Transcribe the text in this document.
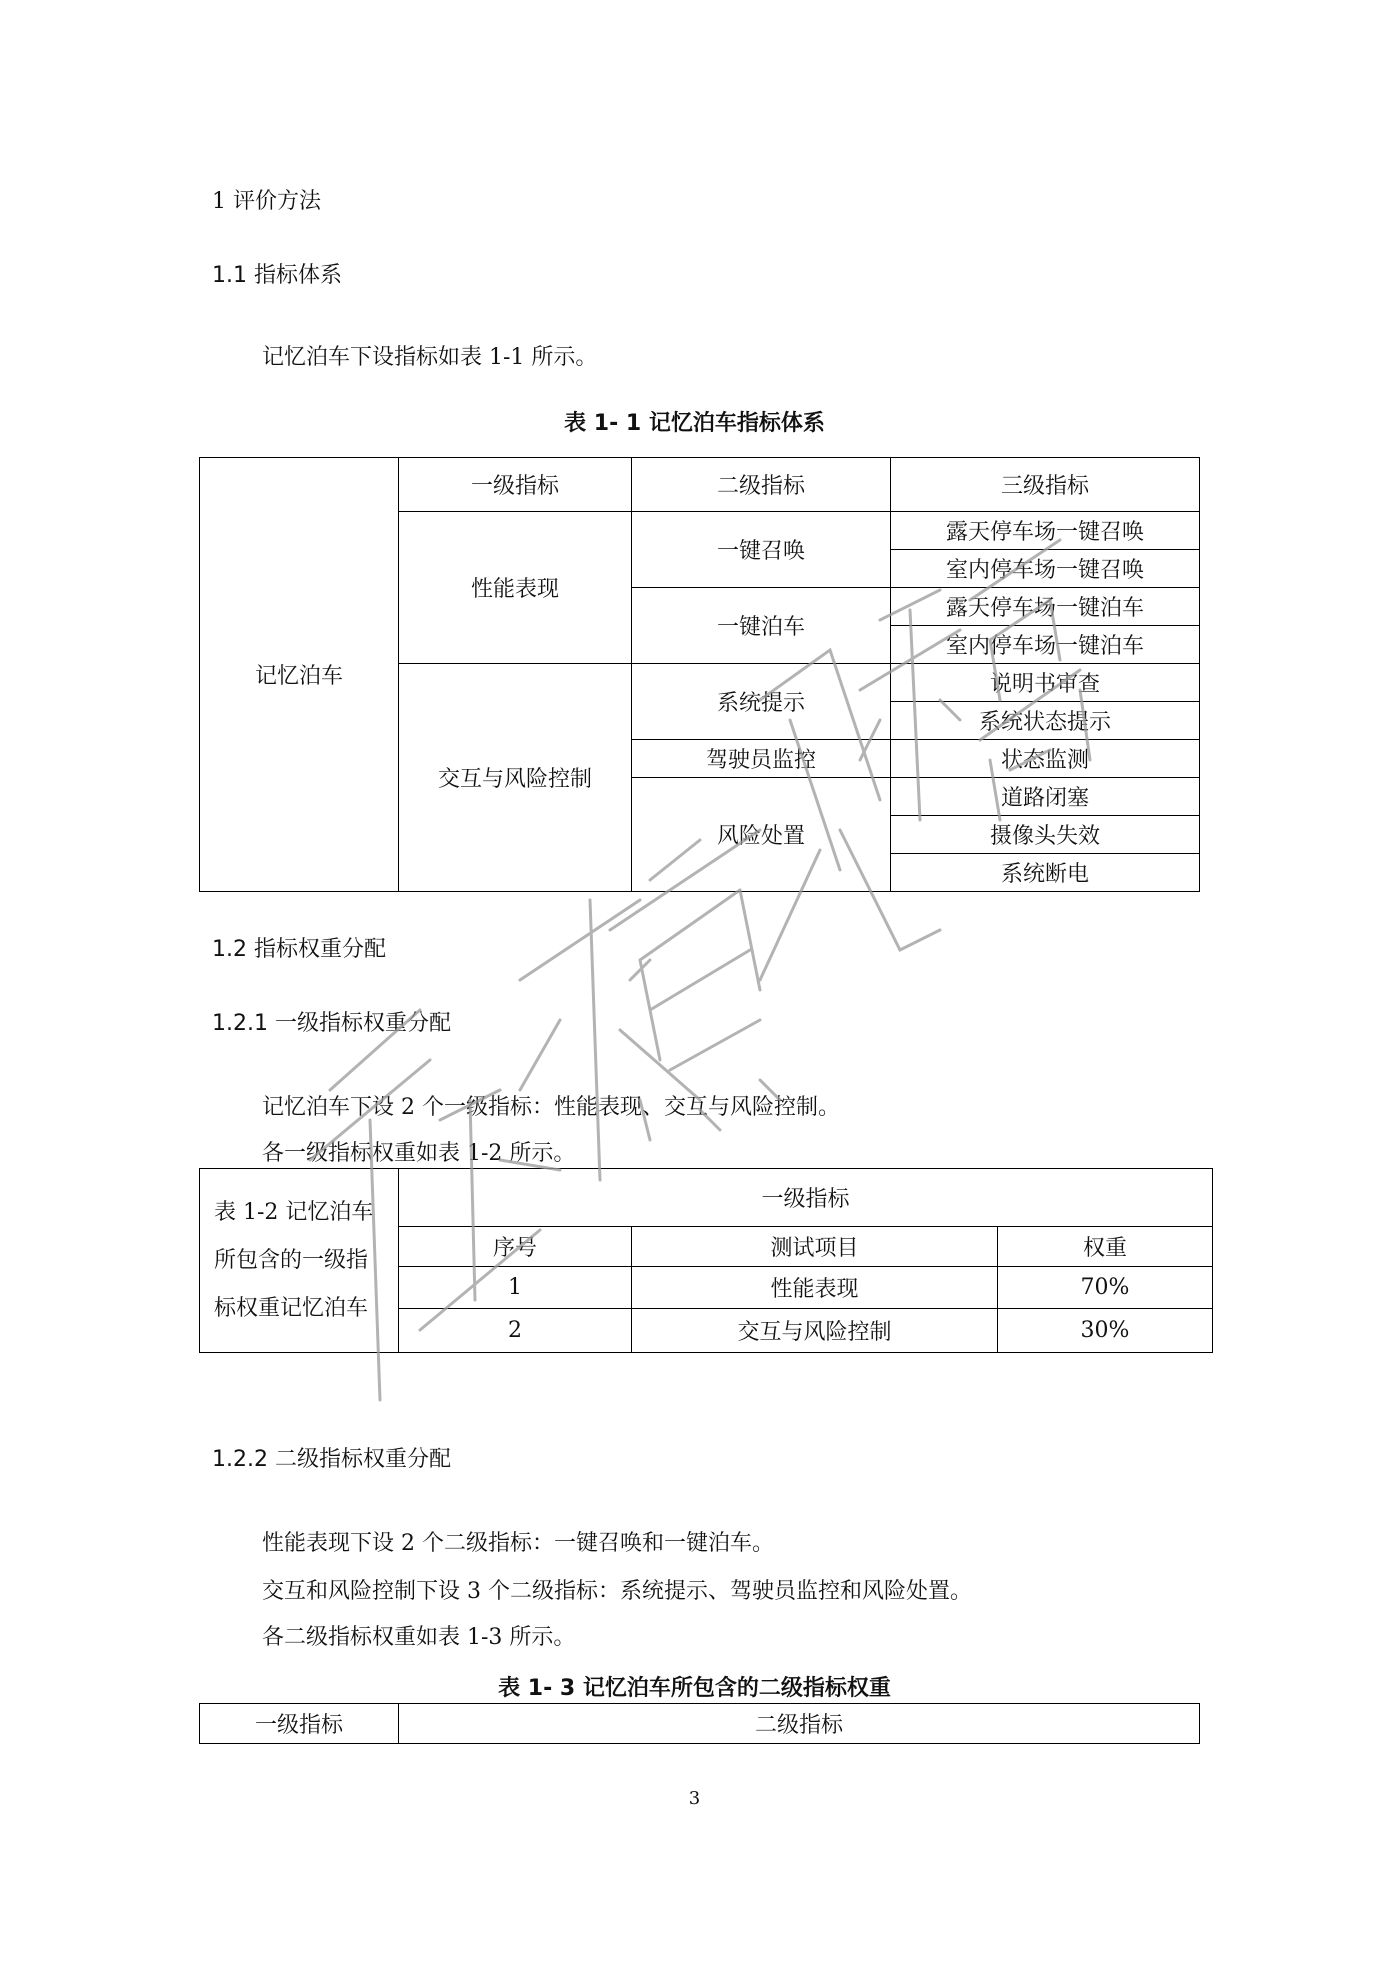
1 评价方法
1.1 指标体系
记忆泊车下设指标如表 1-1 所示。
表 1- 1 记忆泊车指标体系
记忆泊车	一级指标	二级指标	三级指标
	性能表现	一键召唤	露天停车场一键召唤
			室内停车场一键召唤
		一键泊车	露天停车场一键泊车
			室内停车场一键泊车
	交互与风险控制	系统提示	说明书审查
			系统状态提示
		驾驶员监控	状态监测
		风险处置	道路闭塞
			摄像头失效
			系统断电
1.2 指标权重分配
1.2.1 一级指标权重分配
记忆泊车下设 2 个一级指标：性能表现、交互与风险控制。
各一级指标权重如表 1-2 所示。
表 1-2 记忆泊车所包含的一级指标权重记忆泊车	一级指标		
	序号	测试项目	权重
	1	性能表现	70%
	2	交互与风险控制	30%
1.2.2 二级指标权重分配
性能表现下设 2 个二级指标：一键召唤和一键泊车。
交互和风险控制下设 3 个二级指标：系统提示、驾驶员监控和风险处置。
各二级指标权重如表 1-3 所示。
表 1- 3 记忆泊车所包含的二级指标权重
一级指标	二级指标
3
